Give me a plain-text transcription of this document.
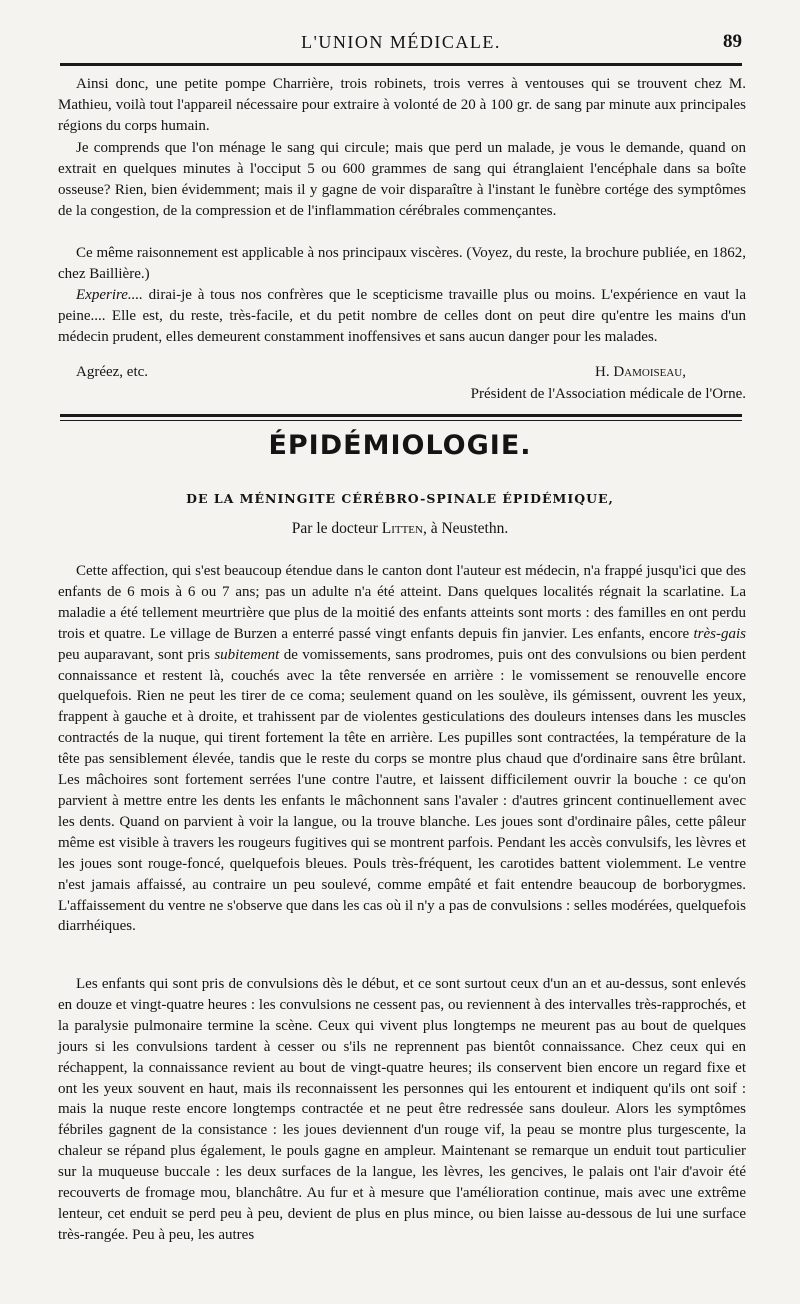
L'UNION MÉDICALE.	89
Ainsi donc, une petite pompe Charrière, trois robinets, trois verres à ventouses qui se trouvent chez M. Mathieu, voilà tout l'appareil nécessaire pour extraire à volonté de 20 à 100 gr. de sang par minute aux principales régions du corps humain.
Je comprends que l'on ménage le sang qui circule; mais que perd un malade, je vous le demande, quand on extrait en quelques minutes à l'occiput 5 ou 600 grammes de sang qui étranglaient l'encéphale dans sa boîte osseuse? Rien, bien évidemment; mais il y gagne de voir disparaître à l'instant le funèbre cortége des symptômes de la congestion, de la compression et de l'inflammation cérébrales commençantes.
Ce même raisonnement est applicable à nos principaux viscères. (Voyez, du reste, la brochure publiée, en 1862, chez Baillière.)
Experire.... dirai-je à tous nos confrères que le scepticisme travaille plus ou moins. L'expérience en vaut la peine.... Elle est, du reste, très-facile, et du petit nombre de celles dont on peut dire qu'entre les mains d'un médecin prudent, elles demeurent constamment inoffensives et sans aucun danger pour les malades.
Agréez, etc.	H. Damoiseau,
Président de l'Association médicale de l'Orne.
ÉPIDÉMIOLOGIE.
DE LA MÉNINGITE CÉRÉBRO-SPINALE ÉPIDÉMIQUE,
Par le docteur Litten, à Neustethn.
Cette affection, qui s'est beaucoup étendue dans le canton dont l'auteur est médecin, n'a frappé jusqu'ici que des enfants de 6 mois à 6 ou 7 ans; pas un adulte n'a été atteint. Dans quelques localités régnait la scarlatine. La maladie a été tellement meurtrière que plus de la moitié des enfants atteints sont morts : des familles en ont perdu trois et quatre. Le village de Burzen a enterré passé vingt enfants depuis fin janvier. Les enfants, encore très-gais peu auparavant, sont pris subitement de vomissements, sans prodromes, puis ont des convulsions ou bien perdent connaissance et restent là, couchés avec la tête renversée en arrière : le vomissement se renouvelle encore quelquefois. Rien ne peut les tirer de ce coma; seulement quand on les soulève, ils gémissent, ouvrent les yeux, frappent à gauche et à droite, et trahissent par de violentes gesticulations des douleurs intenses dans les muscles contractés de la nuque, qui tirent fortement la tête en arrière. Les pupilles sont contractées, la température de la tête pas sensiblement élevée, tandis que le reste du corps se montre plus chaud que d'ordinaire sans être brûlant. Les mâchoires sont fortement serrées l'une contre l'autre, et laissent difficilement ouvrir la bouche : ce qu'on parvient à mettre entre les dents les enfants le mâchonnent sans l'avaler : d'autres grincent continuellement avec les dents. Quand on parvient à voir la langue, ou la trouve blanche. Les joues sont d'ordinaire pâles, cette pâleur même est visible à travers les rougeurs fugitives qui se montrent parfois. Pendant les accès convulsifs, les lèvres et les joues sont rouge-foncé, quelquefois bleues. Pouls très-fréquent, les carotides battent violemment. Le ventre n'est jamais affaissé, au contraire un peu soulevé, comme empâté et fait entendre beaucoup de borborygmes. L'affaissement du ventre ne s'observe que dans les cas où il n'y a pas de convulsions : selles modérées, quelquefois diarrhéiques.
Les enfants qui sont pris de convulsions dès le début, et ce sont surtout ceux d'un an et au-dessus, sont enlevés en douze et vingt-quatre heures : les convulsions ne cessent pas, ou reviennent à des intervalles très-rapprochés, et la paralysie pulmonaire termine la scène. Ceux qui vivent plus longtemps ne meurent pas au bout de quelques jours si les convulsions tardent à cesser ou s'ils ne reprennent pas bientôt connaissance. Chez ceux qui en réchappent, la connaissance revient au bout de vingt-quatre heures; ils conservent bien encore un regard fixe et ont les yeux souvent en haut, mais ils reconnaissent les personnes qui les entourent et indiquent qu'ils ont soif : mais la nuque reste encore longtemps contractée et ne peut être redressée sans douleur. Alors les symptômes fébriles gagnent de la consistance : les joues deviennent d'un rouge vif, la peau se montre plus turgescente, la chaleur se répand plus également, le pouls gagne en ampleur. Maintenant se remarque un enduit tout particulier sur la muqueuse buccale : les deux surfaces de la langue, les lèvres, les gencives, le palais ont l'air d'avoir été recouverts de fromage mou, blanchâtre. Au fur et à mesure que l'amélioration continue, mais avec une extrême lenteur, cet enduit se perd peu à peu, devient de plus en plus mince, ou bien laisse au-dessous de lui une surface très-rangée. Peu à peu, les autres
